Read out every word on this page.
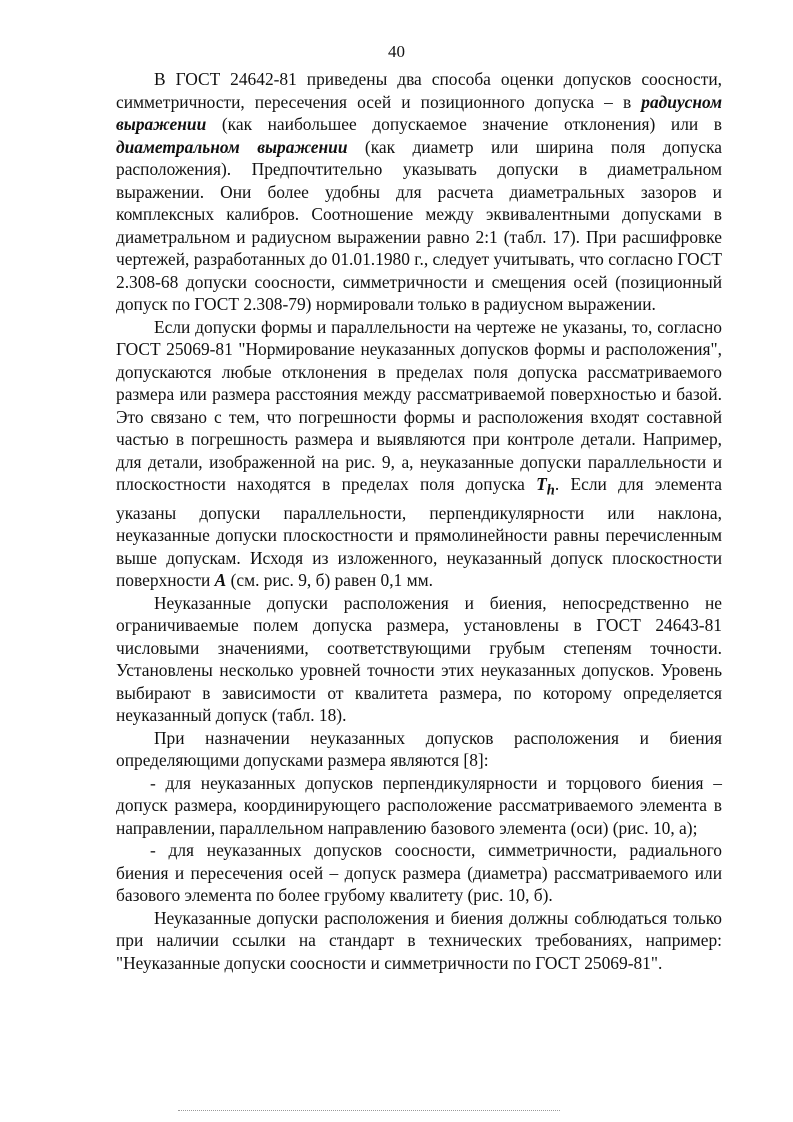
40

В ГОСТ 24642-81 приведены два способа оценки допусков соосности, симметричности, пересечения осей и позиционного допуска – в радиусном выражении (как наибольшее допускаемое значение отклонения) или в диаметральном выражении (как диаметр или ширина поля допуска расположения). Предпочтительно указывать допуски в диаметральном выражении. Они более удобны для расчета диаметральных зазоров и комплексных калибров. Соотношение между эквивалентными допусками в диаметральном и радиусном выражении равно 2:1 (табл. 17). При расшифровке чертежей, разработанных до 01.01.1980 г., следует учитывать, что согласно ГОСТ 2.308-68 допуски соосности, симметричности и смещения осей (позиционный допуск по ГОСТ 2.308-79) нормировали только в радиусном выражении.

Если допуски формы и параллельности на чертеже не указаны, то, согласно ГОСТ 25069-81 "Нормирование неуказанных допусков формы и расположения", допускаются любые отклонения в пределах поля допуска рассматриваемого размера или размера расстояния между рассматриваемой поверхностью и базой. Это связано с тем, что погрешности формы и расположения входят составной частью в погрешность размера и выявляются при контроле детали. Например, для детали, изображенной на рис. 9, а, неуказанные допуски параллельности и плоскостности находятся в пределах поля допуска $T_h$. Если для элемента указаны допуски параллельности, перпендикулярности или наклона, неуказанные допуски плоскостности и прямолинейности равны перечисленным выше допускам. Исходя из изложенного, неуказанный допуск плоскостности поверхности А (см. рис. 9, б) равен 0,1 мм.

Неуказанные допуски расположения и биения, непосредственно не ограничиваемые полем допуска размера, установлены в ГОСТ 24643-81 числовыми значениями, соответствующими грубым степеням точности. Установлены несколько уровней точности этих неуказанных допусков. Уровень выбирают в зависимости от квалитета размера, по которому определяется неуказанный допуск (табл. 18).

При назначении неуказанных допусков расположения и биения определяющими допусками размера являются [8]:

- для неуказанных допусков перпендикулярности и торцового биения – допуск размера, координирующего расположение рассматриваемого элемента в направлении, параллельном направлению базового элемента (оси) (рис. 10, а);

- для неуказанных допусков соосности, симметричности, радиального биения и пересечения осей – допуск размера (диаметра) рассматриваемого или базового элемента по более грубому квалитету (рис. 10, б).

Неуказанные допуски расположения и биения должны соблюдаться только при наличии ссылки на стандарт в технических требованиях, например: "Неуказанные допуски соосности и симметричности по ГОСТ 25069-81".
